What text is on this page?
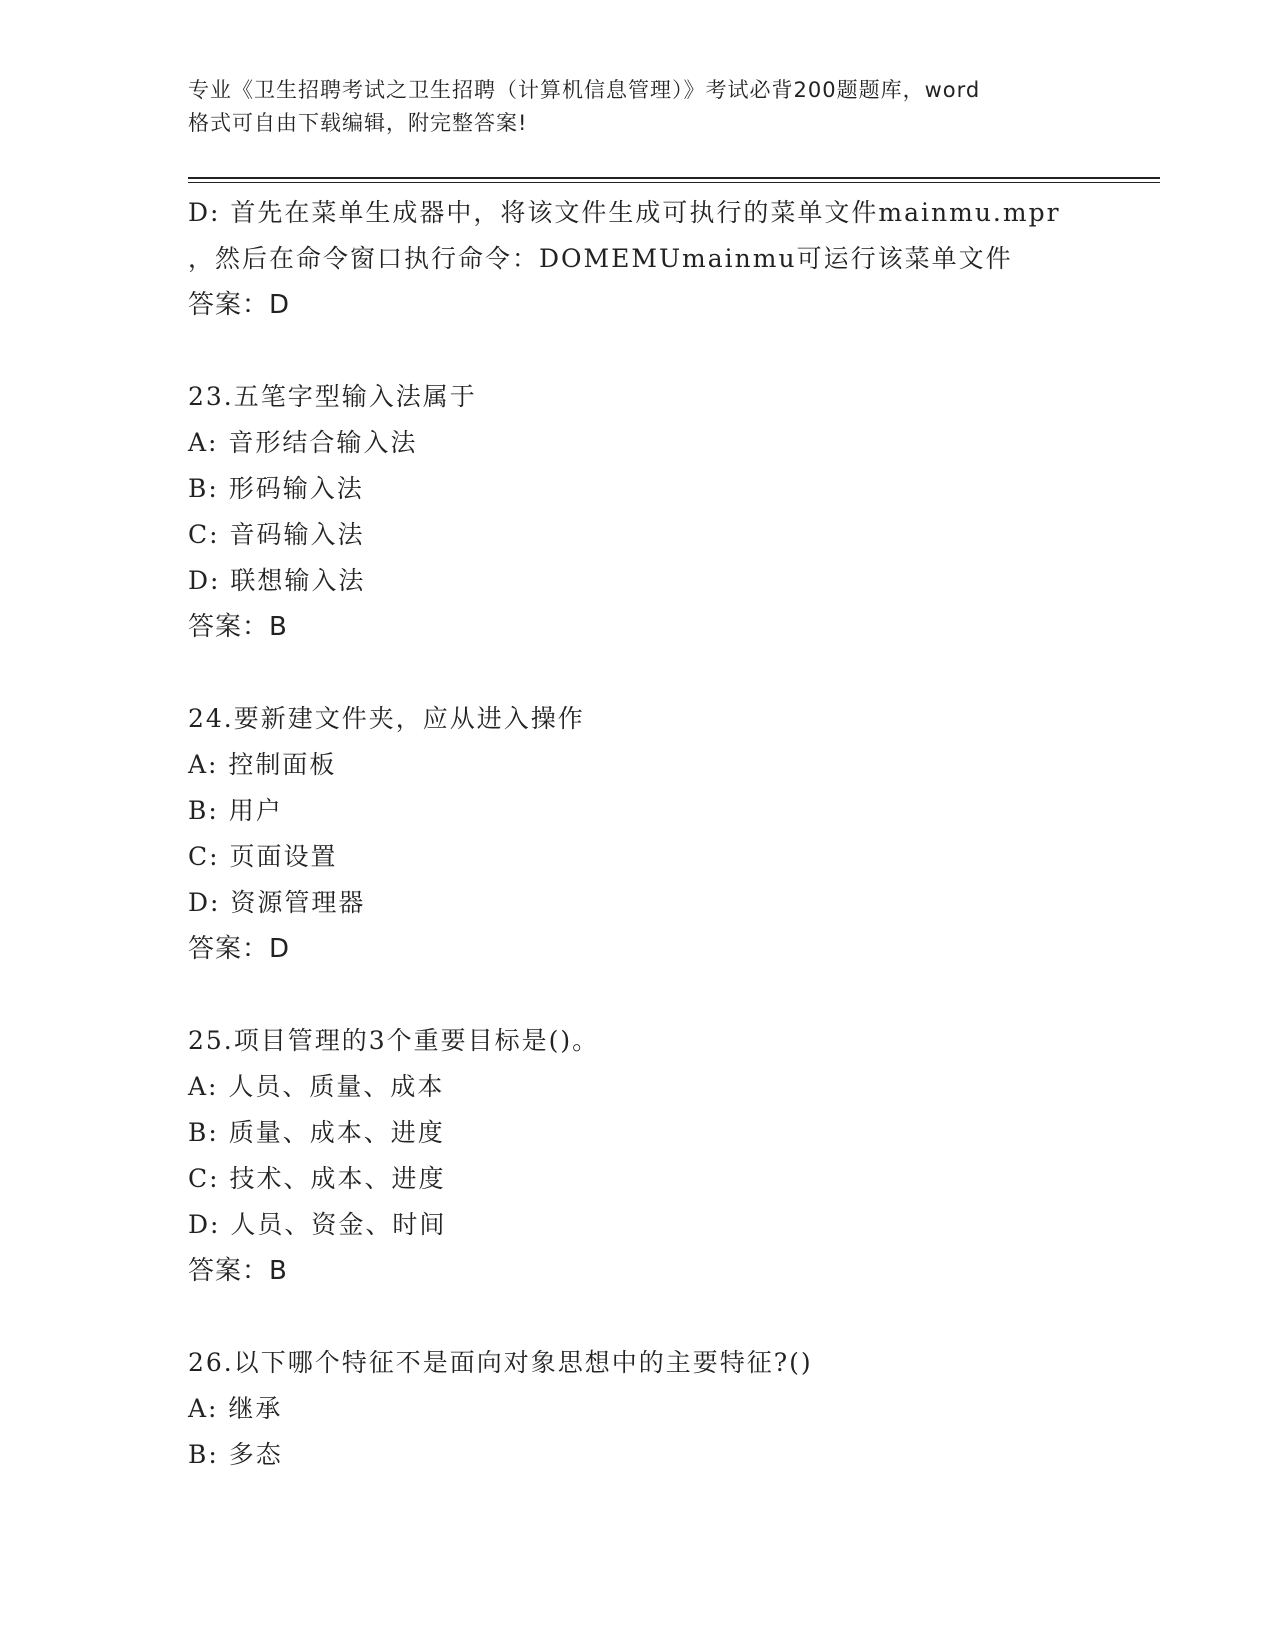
专业《卫生招聘考试之卫生招聘（计算机信息管理）》考试必背200题题库，word
格式可自由下载编辑，附完整答案!
D: 首先在菜单生成器中，将该文件生成可执行的菜单文件mainmu.mpr
，然后在命令窗口执行命令：DOMEMUmainmu可运行该菜单文件
答案：D
23.五笔字型输入法属于
A: 音形结合输入法
B: 形码输入法
C: 音码输入法
D: 联想输入法
答案：B
24.要新建文件夹，应从进入操作
A: 控制面板
B: 用户
C: 页面设置
D: 资源管理器
答案：D
25.项目管理的3个重要目标是()。
A: 人员、质量、成本
B: 质量、成本、进度
C: 技术、成本、进度
D: 人员、资金、时间
答案：B
26.以下哪个特征不是面向对象思想中的主要特征?()
A: 继承
B: 多态
